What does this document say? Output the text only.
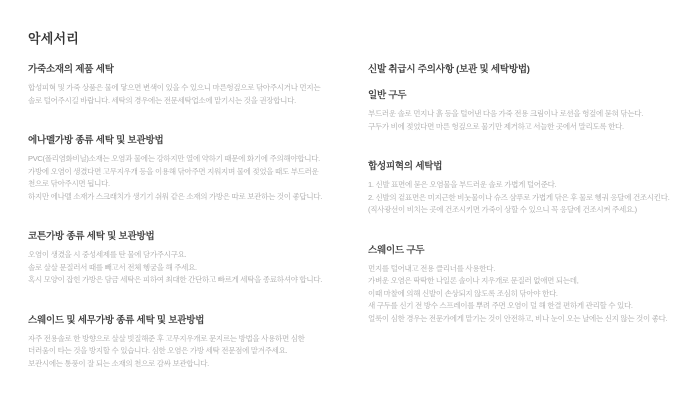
악세서리
가죽소재의 제품 세탁

합성피혁 및 가죽 상품은 물에 닿으면 변색이 있을 수 있으니 마른헝겊으로 닦아주시거나 먼지는

솔로 털어주시길 바랍니다. 세탁의 경우에는 전문세탁업소에 맡기시는 것을 권장합니다.

에나멜가방 종류 세탁 및 보관방법

PVC(폴리염화비닐)소재는 오염과 물에는 강하지만 열에 약하기 때문에 화기에 주의해야합니다.

가방에 오염이 생겼다면 고무지우개 등을 이용해 닦아주면 지워지며 물에 젖었을 때도 부드러운

천으로 닦아주시면 됩니다.

하지만 에나멜 소재가 스크래치가 생기기 쉬워 같은 소재의 가방은 따로 보관하는 것이 좋답니다.

코튼가방 종류 세탁 및 보관방법

오염이 생겼을 시 중성세제를 탄 물에 담가주시구요.

솔로 살살 문질러서 때를 빼고서 전체 헹굼을 해 주세요.

혹시 모양이 잡힌 가방은 담금 세탁은 피하여 최대한 간단하고 빠르게 세탁을 종료하셔야 합니다.

스웨이드 및 세무가방 종류 세탁 및 보관방법

자주 전용솔로 한 방향으로 살살 빗질해준 후 고무지우개로 문지르는 방법을 사용하면 심한

더러움이 타는 것을 방지할 수 있습니다. 심한 오염은 가방 세탁 전문점에 맡겨주세요.

보관시에는 통풍이 잘 되는 소재의 천으로 감싸 보관합니다.

신발 취급시 주의사항 (보관 및 세탁방법)
일반 구두

부드러운 솔로 먼지나 흙 등을 털어낸 다음 가죽 전용 크림이나 로션을 헝겊에 묻혀 닦는다.

구두가 비에 젖었다면 마른 헝겊으로 물기만 제거하고 서늘한 곳에서 말리도록 한다.

합성피혁의 세탁법

1. 신발 표면에 묻은 오염물을 부드러운 솔로 가볍게 털어준다.

2. 신발의 겉표면은 미지근한 비눗물이나 슈즈 샴푸로 가볍게 닦은 후 물로 헹궈 응달에 건조시킨다.

(직사광선이 비치는 곳에 건조시키면 가죽이 상할 수 있으니 꼭 응달에 건조시켜 주세요.)

스웨이드 구두

먼지를 털어내고 전용 클리너를 사용한다.

가벼운 오염은 딱딱한 나일론 솔이나 지우개로 문질러 없애면 되는데,

이때 마찰에 의해 신발이 손상되지 않도록 조심히 닦아야 한다.

새 구두를 신기 전 방수 스프레이를 뿌려 주면 오염이 덜 해 한결 편하게 관리할 수 있다.

얼룩이 심한 경우는 전문가에게 맡기는 것이 안전하고, 비나 눈이 오는 날에는 신지 않는 것이 좋다.
